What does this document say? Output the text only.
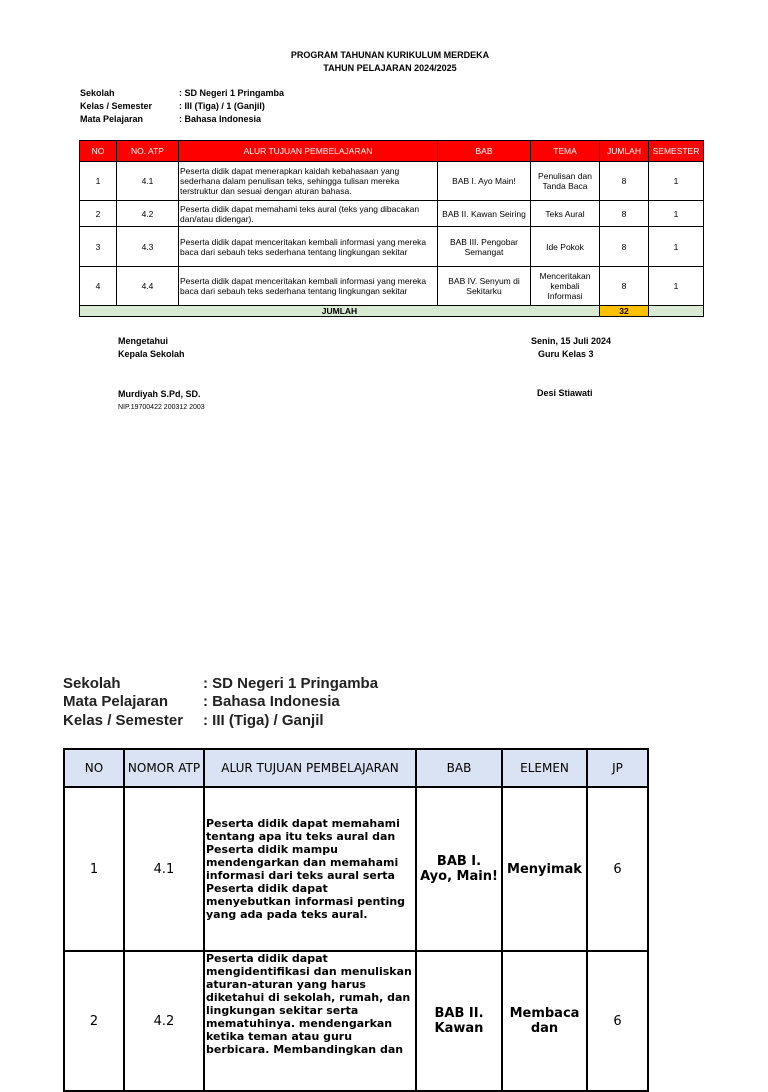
PROGRAM TAHUNAN KURIKULUM MERDEKA
TAHUN PELAJARAN 2024/2025
Sekolah	: SD Negeri 1 Pringamba
Kelas / Semester	: III (Tiga) / 1 (Ganjil)
Mata Pelajaran	: Bahasa Indonesia
NO	NO. ATP	ALUR TUJUAN PEMBELAJARAN	BAB	TEMA	JUMLAH	SEMESTER
1	4.1	Peserta didik dapat menerapkan kaidah kebahasaan yang sederhana dalam penulisan teks, sehingga tulisan mereka terstruktur dan sesuai dengan aturan bahasa.	BAB I. Ayo Main!	Penulisan dan Tanda Baca	8	1
2	4.2	Peserta didik dapat memahami teks aural (teks yang dibacakan dan/atau didengar).	BAB II. Kawan Seiring	Teks Aural	8	1
3	4.3	Peserta didik dapat menceritakan kembali informasi yang mereka baca dari sebauh teks sederhana tentang lingkungan sekitar	BAB III. Pengobar Semangat	Ide Pokok	8	1
4	4.4	Peserta didik dapat menceritakan kembali informasi yang mereka baca dari sebauh teks sederhana tentang lingkungan sekitar	BAB IV. Senyum di Sekitarku	Menceritakan kembali Informasi	8	1
JUMLAH					32	
Mengetahui
Kepala Sekolah
Murdiyah S.Pd, SD.
NIP.19700422 200312 2003
Senin, 15 Juli 2024
Guru Kelas 3
Desi Stiawati
Sekolah	: SD Negeri 1 Pringamba
Mata Pelajaran : Bahasa Indonesia
Kelas / Semester : III (Tiga) / Ganjil
NO	NOMOR ATP	ALUR TUJUAN PEMBELAJARAN	BAB	ELEMEN	JP
1	4.1	Peserta didik dapat memahami tentang apa itu teks aural dan Peserta didik mampu mendengarkan dan memahami informasi dari teks aural serta Peserta didik dapat menyebutkan informasi penting yang ada pada teks aural.	BAB I. Ayo, Main!	Menyimak	6
2	4.2	Peserta didik dapat mengidentifikasi dan menuliskan aturan-aturan yang harus diketahui di sekolah, rumah, dan lingkungan sekitar serta mematuhinya. mendengarkan ketika teman atau guru berbicara. Membandingkan dan	BAB II. Kawan	Membaca dan	6
